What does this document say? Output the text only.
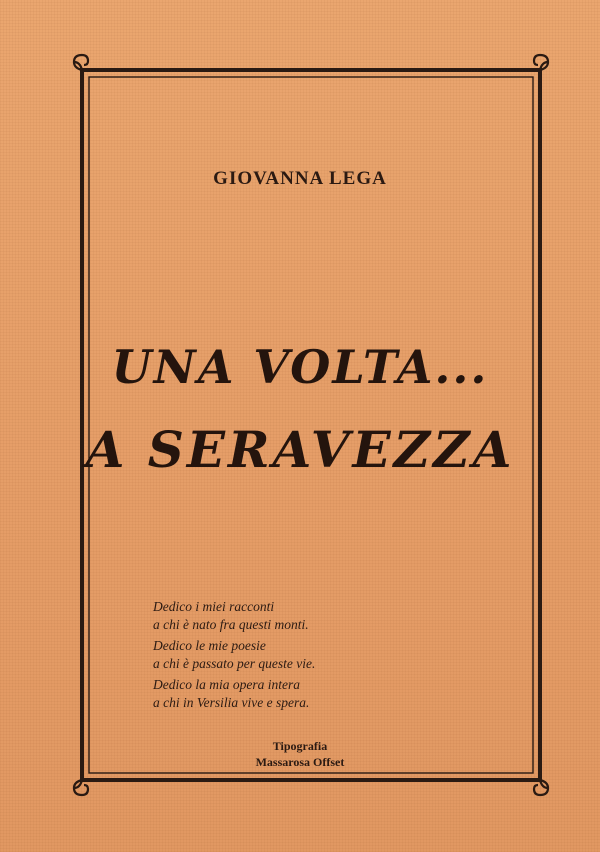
GIOVANNA LEGA
UNA VOLTA...
A SERAVEZZA
Dedico i miei racconti
a chi è nato fra questi monti.
Dedico le mie poesie
a chi è passato per queste vie.
Dedico la mia opera intera
a chi in Versilia vive e spera.
Tipografia
Massarosa Offset
